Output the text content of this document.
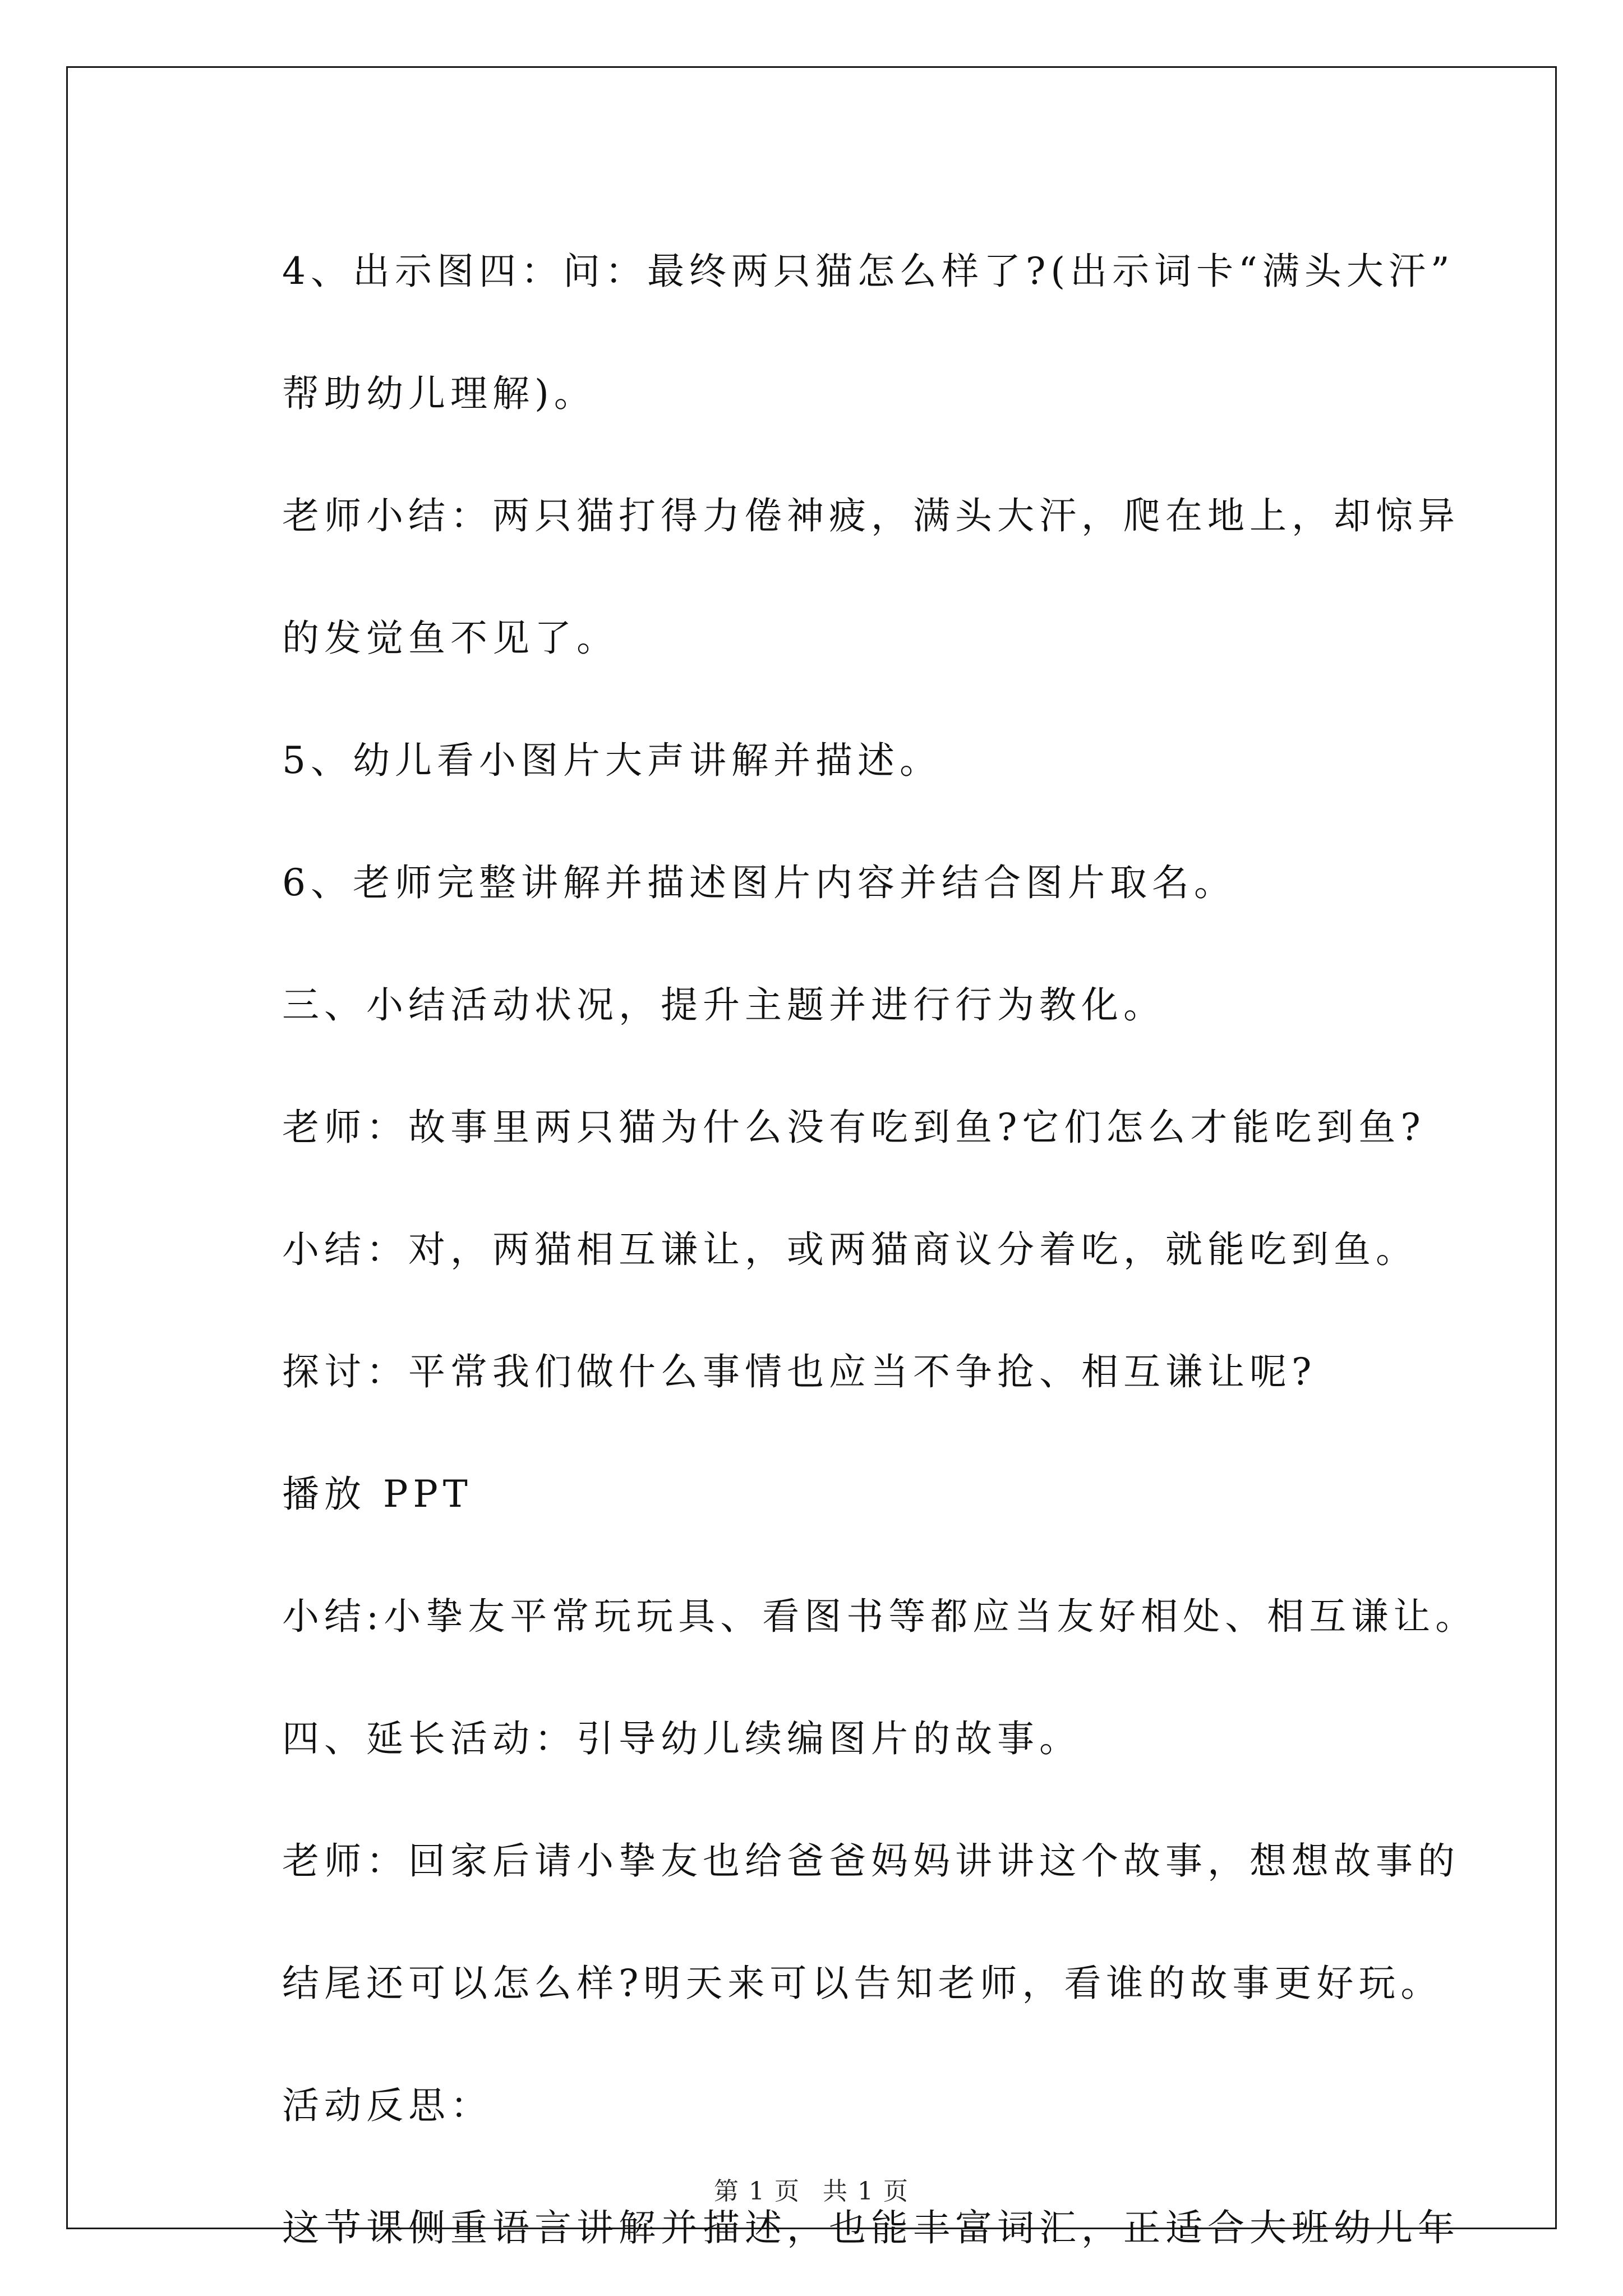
4、出示图四：问：最终两只猫怎么样了?(出示词卡“满头大汗”
帮助幼儿理解)。

老师小结：两只猫打得力倦神疲，满头大汗，爬在地上，却惊异
的发觉鱼不见了。

5、幼儿看小图片大声讲解并描述。

6、老师完整讲解并描述图片内容并结合图片取名。

三、小结活动状况，提升主题并进行行为教化。

老师：故事里两只猫为什么没有吃到鱼?它们怎么才能吃到鱼?

小结：对，两猫相互谦让，或两猫商议分着吃，就能吃到鱼。

探讨：平常我们做什么事情也应当不争抢、相互谦让呢?

播放 PPT

小结:小挚友平常玩玩具、看图书等都应当友好相处、相互谦让。

四、延长活动：引导幼儿续编图片的故事。

老师：回家后请小挚友也给爸爸妈妈讲讲这个故事，想想故事的
结尾还可以怎么样?明天来可以告知老师，看谁的故事更好玩。

活动反思：

这节课侧重语言讲解并描述，也能丰富词汇，正适合大班幼儿年

第 1 页 共 1 页
